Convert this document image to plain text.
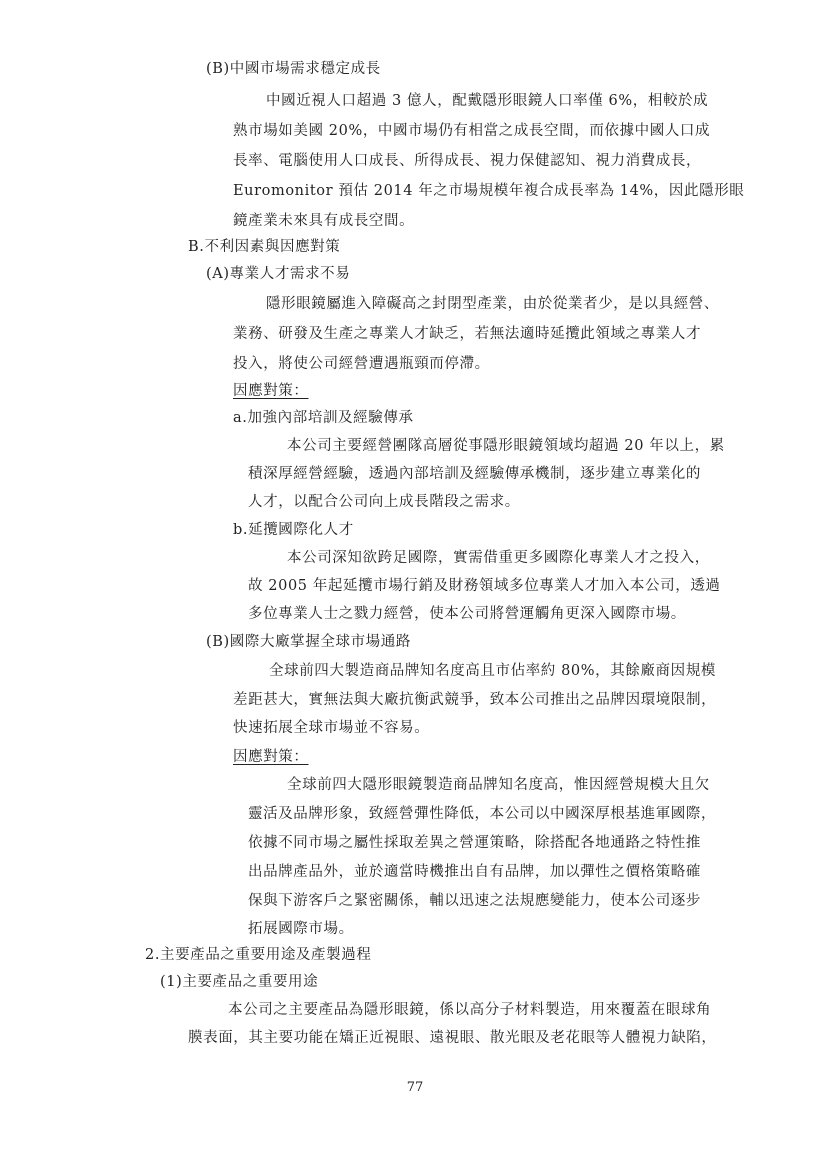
(B)中國市場需求穩定成長
中國近視人口超過 3 億人，配戴隱形眼鏡人口率僅 6%，相較於成
熟市場如美國 20%，中國市場仍有相當之成長空間，而依據中國人口成
長率、電腦使用人口成長、所得成長、視力保健認知、視力消費成長，
Euromonitor 預估 2014 年之市場規模年複合成長率為 14%，因此隱形眼
鏡產業未來具有成長空間。
B.不利因素與因應對策
(A)專業人才需求不易
隱形眼鏡屬進入障礙高之封閉型產業，由於從業者少，是以具經營、
業務、研發及生產之專業人才缺乏，若無法適時延攬此領域之專業人才
投入，將使公司經營遭遇瓶頸而停滯。
因應對策：
a.加強內部培訓及經驗傳承
本公司主要經營團隊高層從事隱形眼鏡領域均超過 20 年以上，累
積深厚經營經驗，透過內部培訓及經驗傳承機制，逐步建立專業化的
人才，以配合公司向上成長階段之需求。
b.延攬國際化人才
本公司深知欲跨足國際，實需借重更多國際化專業人才之投入，
故 2005 年起延攬市場行銷及財務領域多位專業人才加入本公司，透過
多位專業人士之戮力經營，使本公司將營運觸角更深入國際市場。
(B)國際大廠掌握全球市場通路
全球前四大製造商品牌知名度高且市佔率約 80%，其餘廠商因規模
差距甚大，實無法與大廠抗衡武競爭，致本公司推出之品牌因環境限制，
快速拓展全球市場並不容易。
因應對策：
全球前四大隱形眼鏡製造商品牌知名度高，惟因經營規模大且欠
靈活及品牌形象，致經營彈性降低，本公司以中國深厚根基進軍國際，
依據不同市場之屬性採取差異之營運策略，除搭配各地通路之特性推
出品牌產品外，並於適當時機推出自有品牌，加以彈性之價格策略確
保與下游客戶之緊密關係，輔以迅速之法規應變能力，使本公司逐步
拓展國際市場。
2.主要產品之重要用途及產製過程
(1)主要產品之重要用途
本公司之主要產品為隱形眼鏡，係以高分子材料製造，用來覆蓋在眼球角
膜表面，其主要功能在矯正近視眼、遠視眼、散光眼及老花眼等人體視力缺陷，
77
